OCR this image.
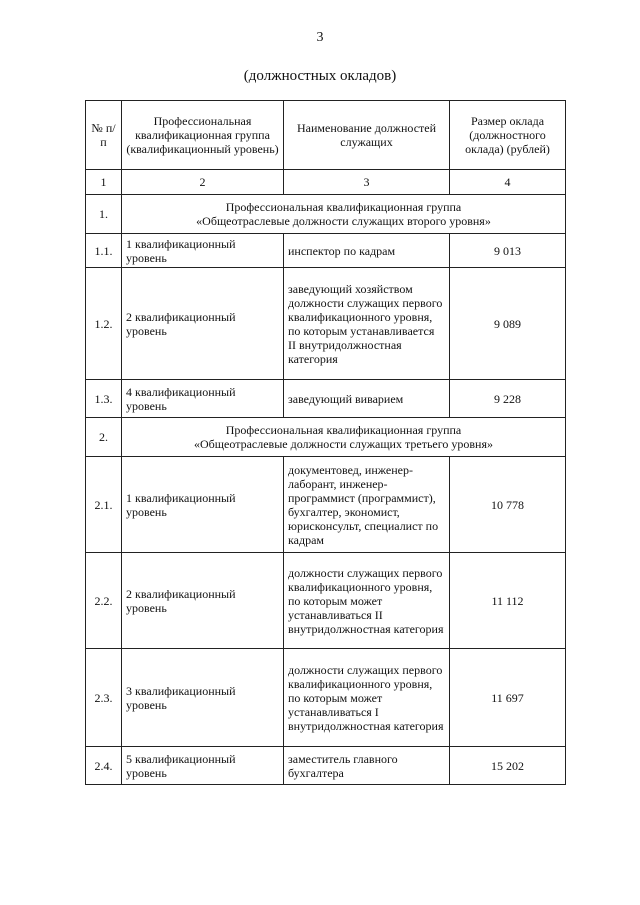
3
(должностных окладов)
№ п/п	Профессиональная квалификационная группа (квалификационный уровень)	Наименование должностей служащих	Размер оклада (должностного оклада) (рублей)
1	2	3	4
1.	Профессиональная квалификационная группа
«Общеотраслевые должности служащих второго уровня»		

1.1.	1 квалификационный уровень	инспектор по кадрам	9 013
1.2.	2 квалификационный уровень	заведующий хозяйством должности служащих первого квалификационного уровня, по которым устанавливается II внутридолжностная категория	9 089
1.3.	4 квалификационный уровень	заведующий виварием	9 228
2.	Профессиональная квалификационная группа
«Общеотраслевые должности служащих третьего уровня»		

2.1.	1 квалификационный уровень	документовед, инженер-лаборант, инженер-программист (программист), бухгалтер, экономист, юрисконсульт, специалист по кадрам	10 778
2.2.	2 квалификационный уровень	должности служащих первого квалификационного уровня, по которым может устанавливаться II внутридолжностная категория	11 112
2.3.	3 квалификационный уровень	должности служащих первого квалификационного уровня, по которым может устанавливаться I внутридолжностная категория	11 697
2.4.	5 квалификационный уровень	заместитель главного бухгалтера	15 202
